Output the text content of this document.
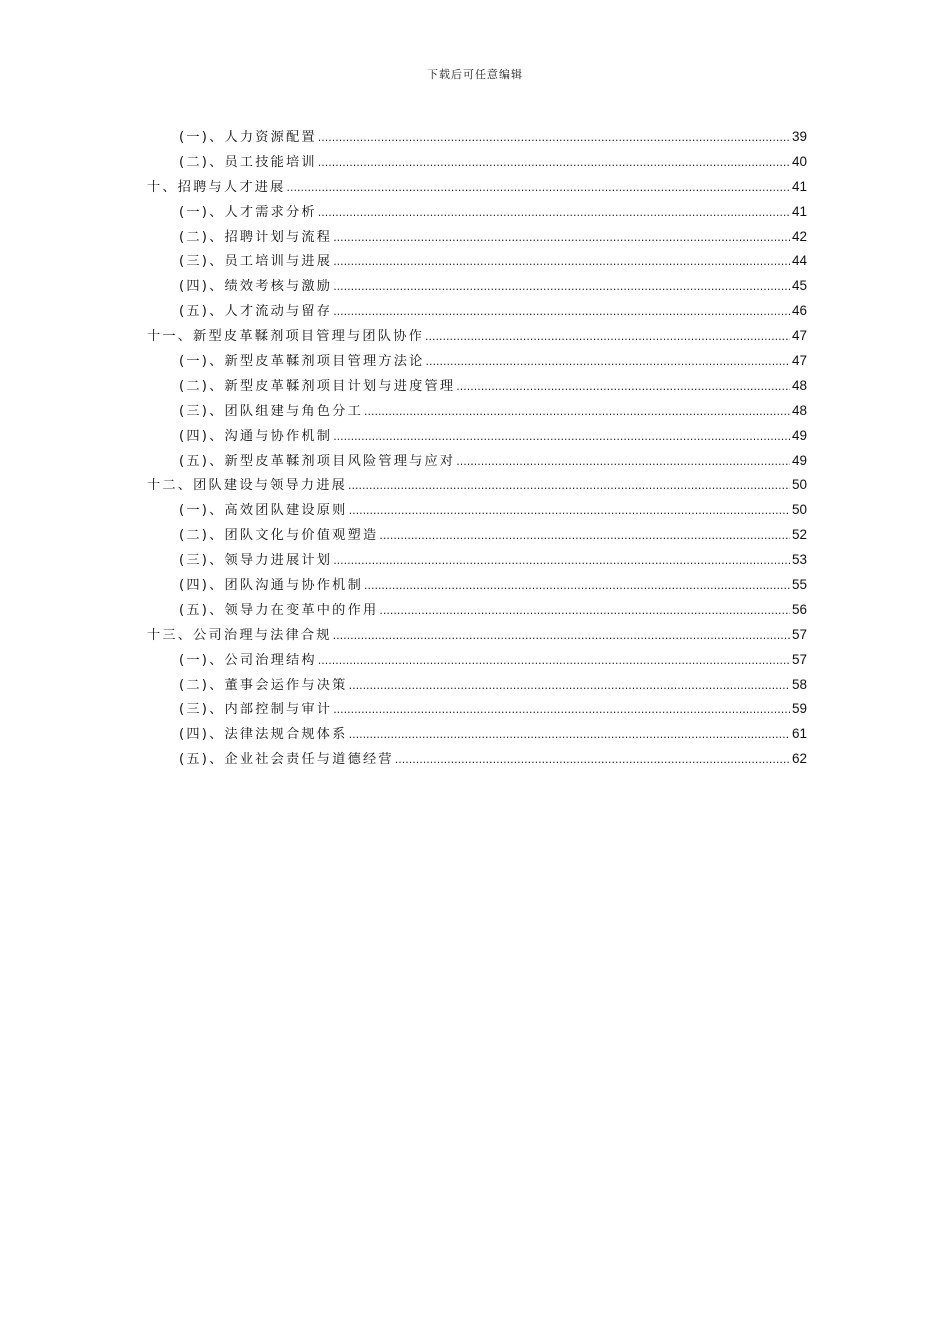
下载后可任意编辑
(一)、人力资源配置 .....	39
(二)、员工技能培训 .....	40
十、招聘与人才进展 .....	41
(一)、人才需求分析 .....	41
(二)、招聘计划与流程 .....	42
(三)、员工培训与进展 .....	44
(四)、绩效考核与激励 .....	45
(五)、人才流动与留存 .....	46
十一、新型皮革鞣剂项目管理与团队协作 .....	47
(一)、新型皮革鞣剂项目管理方法论 .....	47
(二)、新型皮革鞣剂项目计划与进度管理 .....	48
(三)、团队组建与角色分工 .....	48
(四)、沟通与协作机制 .....	49
(五)、新型皮革鞣剂项目风险管理与应对 .....	49
十二、团队建设与领导力进展 .....	50
(一)、高效团队建设原则 .....	50
(二)、团队文化与价值观塑造 .....	52
(三)、领导力进展计划 .....	53
(四)、团队沟通与协作机制 .....	55
(五)、领导力在变革中的作用 .....	56
十三、公司治理与法律合规 .....	57
(一)、公司治理结构 .....	57
(二)、董事会运作与决策 .....	58
(三)、内部控制与审计 .....	59
(四)、法律法规合规体系 .....	61
(五)、企业社会责任与道德经营 .....	62
